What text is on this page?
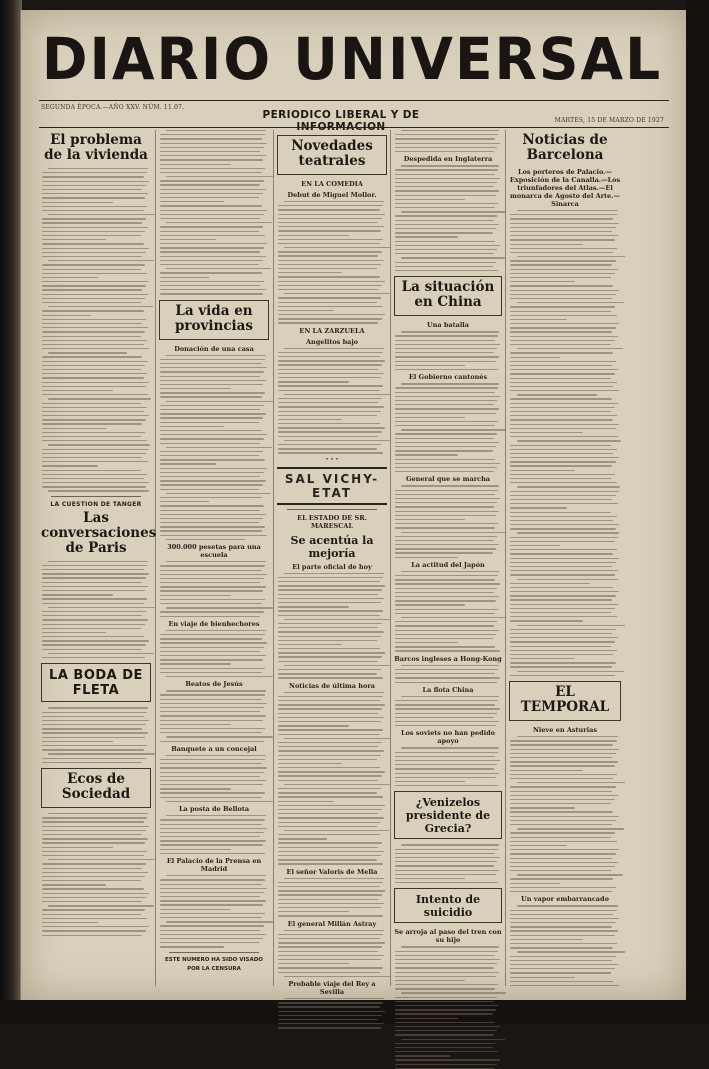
DIARIO UNIVERSAL
SEGUNDA ÉPOCA.—AÑO XXV. NÚM. 11.07.
PERIODICO LIBERAL Y DE INFORMACION
MARTES, 15 DE MARZO DE 1927
El problema de la vivienda
LA CUESTION DE TANGER
Las conversaciones de Paris
LA BODA DE FLETA
Ecos de Sociedad
La vida en provincias
Donación de una casa
300.000 pesetas para una escuela
En viaje de bienhechores
Beatos de Jesús
Banquete a un concejal
La posta de Bellota
El Palacio de la Prensa en Madrid
ESTE NUMERO HA SIDO VISADO
POR LA CENSURA
Novedades teatrales
EN LA COMEDIA
Debut de Miguel Mollor.
EN LA ZARZUELA
Angelitos bajo
• • •
SAL VICHY-ETAT
EL ESTADO DE SR. MARESCAL
Se acentúa la mejoría
El parte oficial de hoy
Noticias de última hora
El señor Valoris de Mella
El general Millán Astray
Probable viaje del Rey a Sevilla
Despedida en Inglaterra
La situación en China
Una batalla
El Gobierno cantonés
General que se marcha
La actitud del Japón
Barcos ingleses a Hong-Kong
La flota China
Los soviets no han pedido apoyo
¿Venizelos presidente de Grecia?
Intento de suicidio
Se arroja al paso del tren con su hijo
Noticias de Barcelona
Los porteros de Palacio.—Exposición de la Canalla.—Los triunfadores del Atlas.—El monarca de Agosto del Arte.—Sinarca
EL TEMPORAL
Nieve en Asturias
Un vapor embarrancado
